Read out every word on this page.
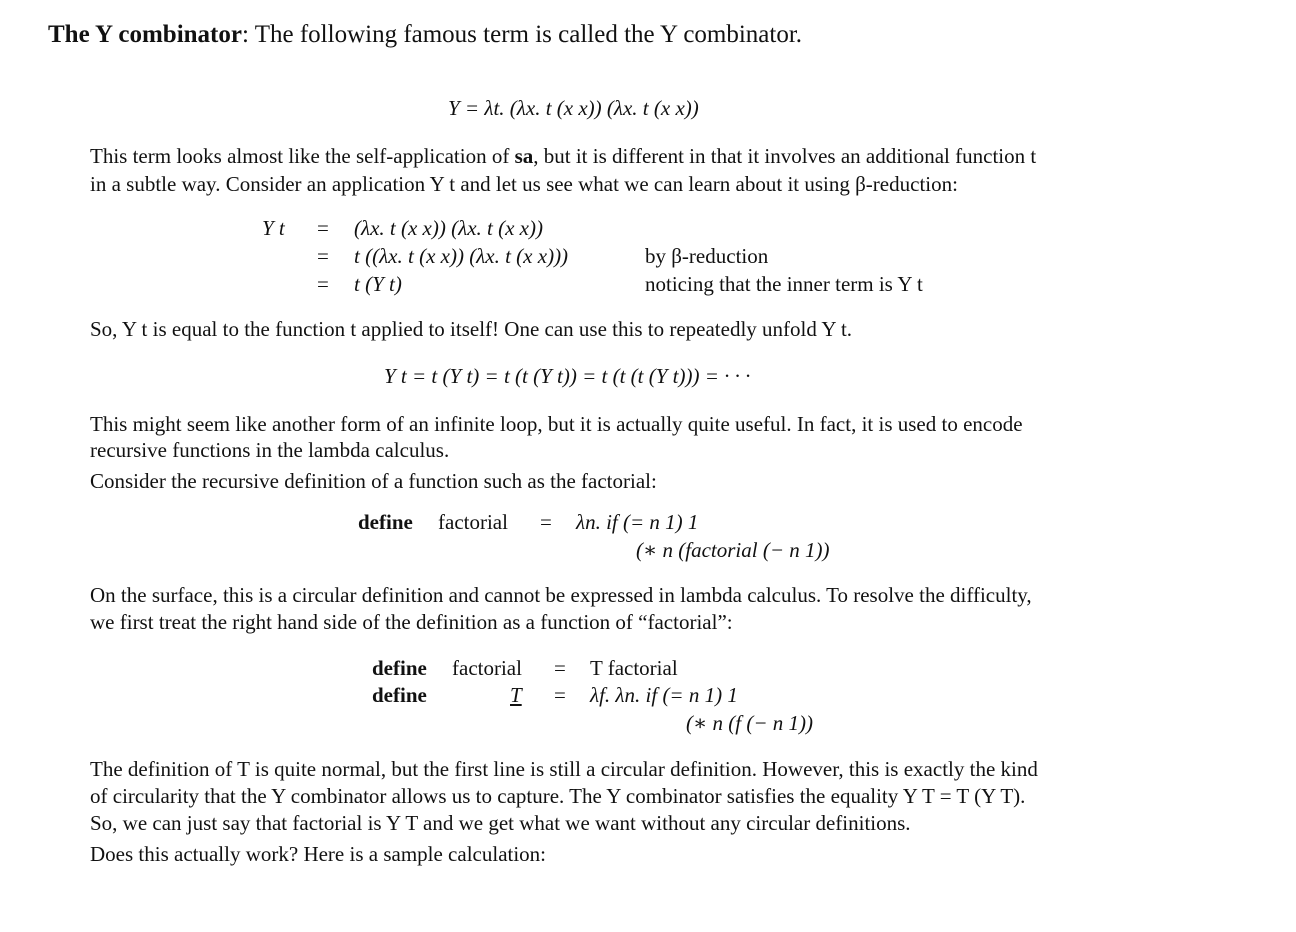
The Y combinator: The following famous term is called the Y combinator.
Y = λt. (λx. t (x x)) (λx. t (x x))
This term looks almost like the self-application of sa, but it is different in that it involves an additional function t
in a subtle way. Consider an application Y t and let us see what we can learn about it using β-reduction:
Y t = (λx. t (x x)) (λx. t (x x))
= t ((λx. t (x x)) (λx. t (x x)))	by β-reduction
= t (Y t)	noticing that the inner term is Y t
So, Y t is equal to the function t applied to itself! One can use this to repeatedly unfold Y t.
Y t = t (Y t) = t (t (Y t)) = t (t (t (Y t))) = · · ·
This might seem like another form of an infinite loop, but it is actually quite useful. In fact, it is used to encode
recursive functions in the lambda calculus.
Consider the recursive definition of a function such as the factorial:
define factorial = λn. if (= n 1) 1
(∗ n (factorial (− n 1))
On the surface, this is a circular definition and cannot be expressed in lambda calculus. To resolve the difficulty,
we first treat the right hand side of the definition as a function of “factorial”:
define factorial = T factorial
define	T = λf. λn. if (= n 1) 1
(∗ n (f (− n 1))
The definition of T is quite normal, but the first line is still a circular definition. However, this is exactly the kind
of circularity that the Y combinator allows us to capture. The Y combinator satisfies the equality Y T = T (Y T).
So, we can just say that factorial is Y T and we get what we want without any circular definitions.
Does this actually work? Here is a sample calculation:
